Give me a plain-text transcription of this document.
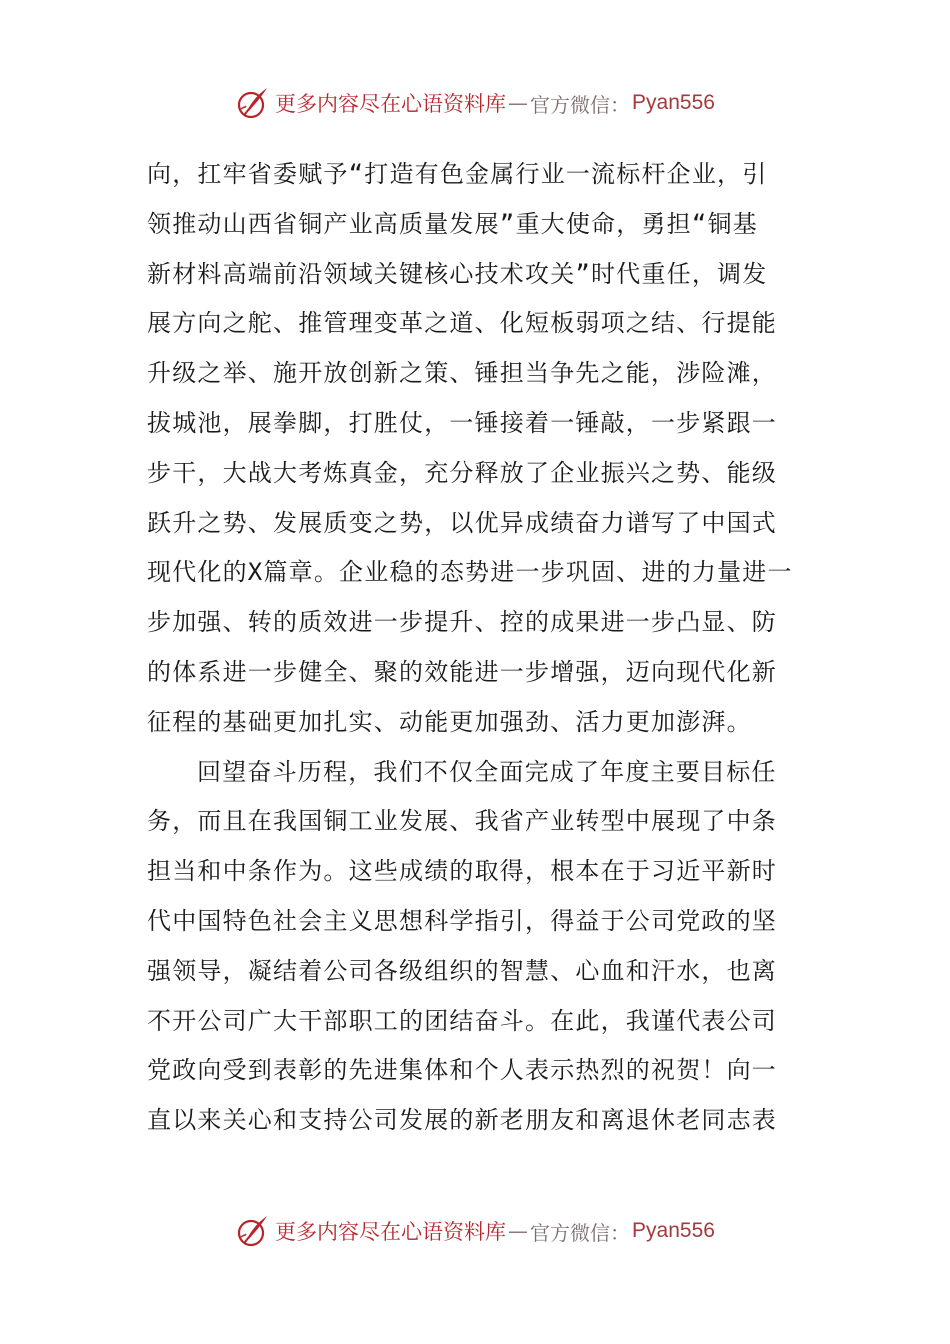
更多内容尽在心语资料库 — 官方微信： Pyan556
向，扛牢省委赋予“打造有色金属行业一流标杆企业，引
领推动山西省铜产业高质量发展”重大使命，勇担“铜基
新材料高端前沿领域关键核心技术攻关”时代重任，调发
展方向之舵、推管理变革之道、化短板弱项之结、行提能
升级之举、施开放创新之策、锤担当争先之能，涉险滩，
拔城池，展拳脚，打胜仗，一锤接着一锤敲，一步紧跟一
步干，大战大考炼真金，充分释放了企业振兴之势、能级
跃升之势、发展质变之势，以优异成绩奋力谱写了中国式
现代化的X篇章。企业稳的态势进一步巩固、进的力量进一
步加强、转的质效进一步提升、控的成果进一步凸显、防
的体系进一步健全、聚的效能进一步增强，迈向现代化新
征程的基础更加扎实、动能更加强劲、活力更加澎湃。
回望奋斗历程，我们不仅全面完成了年度主要目标任
务，而且在我国铜工业发展、我省产业转型中展现了中条
担当和中条作为。这些成绩的取得，根本在于习近平新时
代中国特色社会主义思想科学指引，得益于公司党政的坚
强领导，凝结着公司各级组织的智慧、心血和汗水，也离
不开公司广大干部职工的团结奋斗。在此，我谨代表公司
党政向受到表彰的先进集体和个人表示热烈的祝贺！向一
直以来关心和支持公司发展的新老朋友和离退休老同志表
更多内容尽在心语资料库 — 官方微信： Pyan556
